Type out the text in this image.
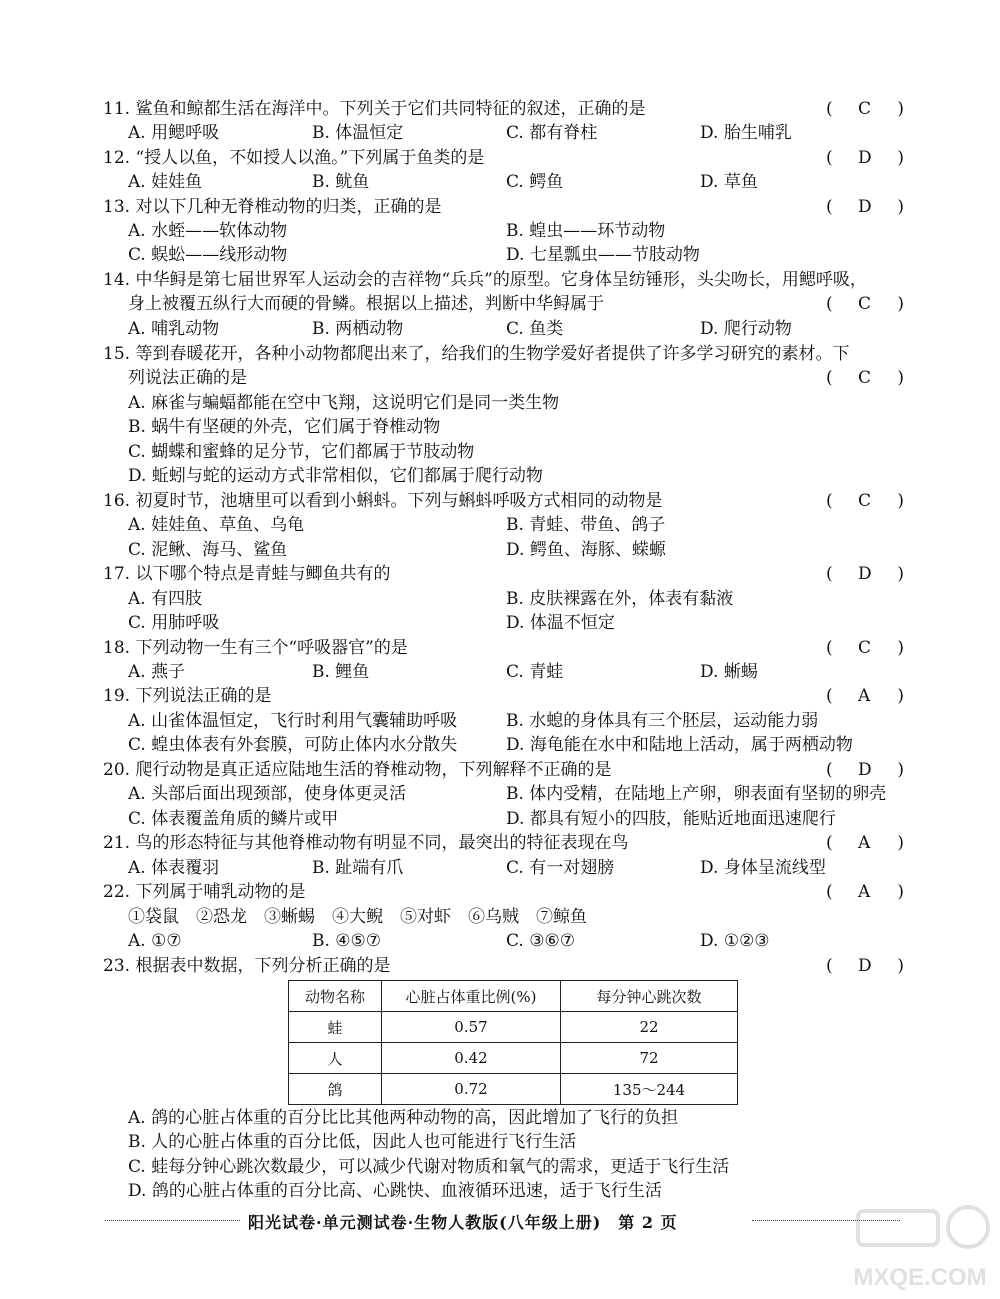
11. 鲨鱼和鲸都生活在海洋中。下列关于它们共同特征的叙述，正确的是	( C )
A. 用鳃呼吸	B. 体温恒定	C. 都有脊柱	D. 胎生哺乳
12. “授人以鱼，不如授人以渔。”下列属于鱼类的是	( D )
A. 娃娃鱼	B. 鱿鱼	C. 鳄鱼	D. 草鱼
13. 对以下几种无脊椎动物的归类，正确的是	( D )
A. 水蛭——软体动物	B. 蝗虫——环节动物
C. 蜈蚣——线形动物	D. 七星瓢虫——节肢动物
14. 中华鲟是第七届世界军人运动会的吉祥物“兵兵”的原型。它身体呈纺锤形，头尖吻长，用鳃呼吸，
身上被覆五纵行大而硬的骨鳞。根据以上描述，判断中华鲟属于	( C )
A. 哺乳动物	B. 两栖动物	C. 鱼类	D. 爬行动物
15. 等到春暖花开，各种小动物都爬出来了，给我们的生物学爱好者提供了许多学习研究的素材。下
列说法正确的是	( C )
A. 麻雀与蝙蝠都能在空中飞翔，这说明它们是同一类生物
B. 蜗牛有坚硬的外壳，它们属于脊椎动物
C. 蝴蝶和蜜蜂的足分节，它们都属于节肢动物
D. 蚯蚓与蛇的运动方式非常相似，它们都属于爬行动物
16. 初夏时节，池塘里可以看到小蝌蚪。下列与蝌蚪呼吸方式相同的动物是	( C )
A. 娃娃鱼、草鱼、乌龟	B. 青蛙、带鱼、鸽子
C. 泥鳅、海马、鲨鱼	D. 鳄鱼、海豚、蝾螈
17. 以下哪个特点是青蛙与鲫鱼共有的	( D )
A. 有四肢	B. 皮肤裸露在外，体表有黏液
C. 用肺呼吸	D. 体温不恒定
18. 下列动物一生有三个“呼吸器官”的是	( C )
A. 燕子	B. 鲤鱼	C. 青蛙	D. 蜥蜴
19. 下列说法正确的是	( A )
A. 山雀体温恒定，飞行时利用气囊辅助呼吸	B. 水螅的身体具有三个胚层，运动能力弱
C. 蝗虫体表有外套膜，可防止体内水分散失	D. 海龟能在水中和陆地上活动，属于两栖动物
20. 爬行动物是真正适应陆地生活的脊椎动物，下列解释不正确的是	( D )
A. 头部后面出现颈部，使身体更灵活	B. 体内受精，在陆地上产卵，卵表面有坚韧的卵壳
C. 体表覆盖角质的鳞片或甲	D. 都具有短小的四肢，能贴近地面迅速爬行
21. 鸟的形态特征与其他脊椎动物有明显不同，最突出的特征表现在鸟	( A )
A. 体表覆羽	B. 趾端有爪	C. 有一对翅膀	D. 身体呈流线型
22. 下列属于哺乳动物的是	( A )
①袋鼠　②恐龙　③蜥蜴　④大鲵　⑤对虾　⑥乌贼　⑦鲸鱼
A. ①⑦	B. ④⑤⑦	C. ③⑥⑦	D. ①②③
23. 根据表中数据，下列分析正确的是	( D )
动物名称	心脏占体重比例(%)	每分钟心跳次数
蛙	0.57	22
人	0.42	72
鸽	0.72	135～244
A. 鸽的心脏占体重的百分比比其他两种动物的高，因此增加了飞行的负担
B. 人的心脏占体重的百分比低，因此人也可能进行飞行生活
C. 蛙每分钟心跳次数最少，可以减少代谢对物质和氧气的需求，更适于飞行生活
D. 鸽的心脏占体重的百分比高、心跳快、血液循环迅速，适于飞行生活
阳光试卷·单元测试卷·生物人教版(八年级上册)　第 2 页
MXQE.COM
